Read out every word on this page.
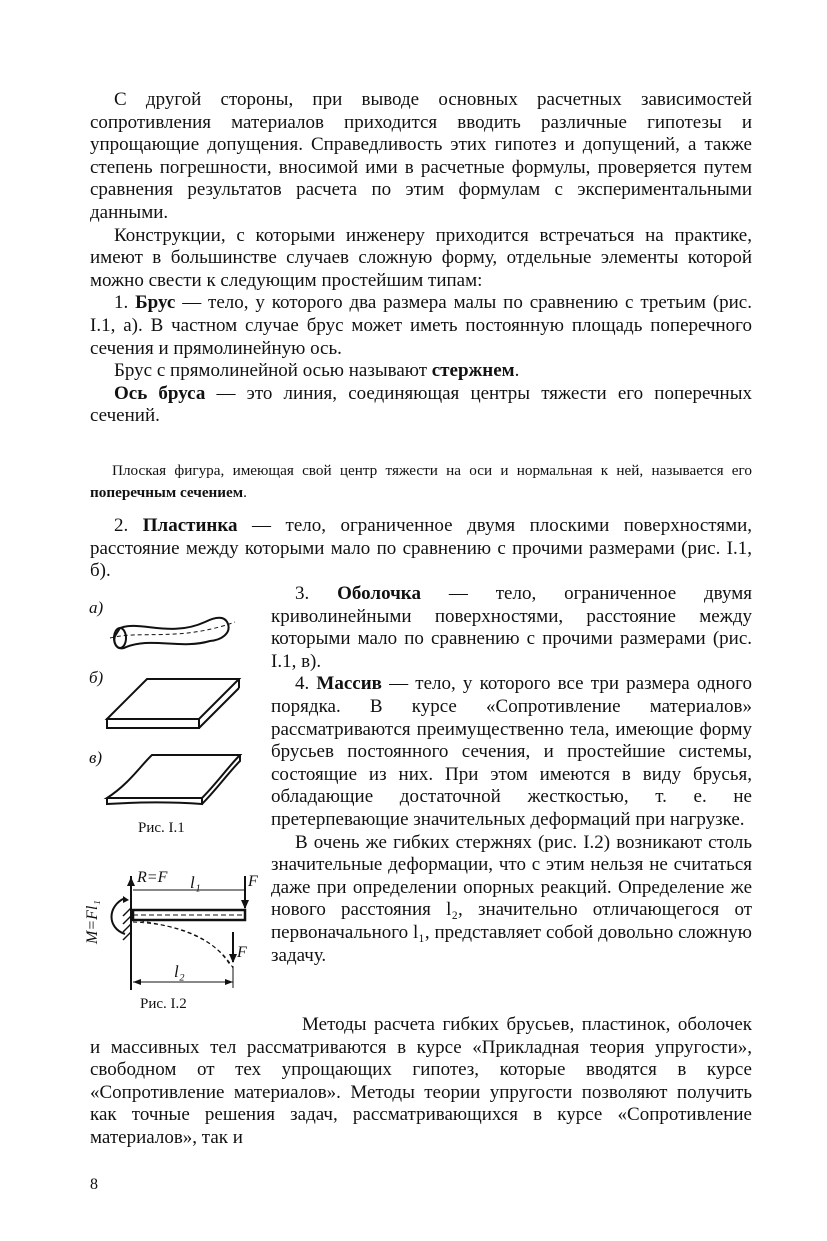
С другой стороны, при выводе основных расчетных зависимостей сопротивления материалов приходится вводить различные гипотезы и упрощающие допущения. Справедливость этих гипотез и допущений, а также степень погрешности, вносимой ими в расчетные формулы, проверяется путем сравнения результатов расчета по этим формулам с экспериментальными данными.

Конструкции, с которыми инженеру приходится встречаться на практике, имеют в большинстве случаев сложную форму, отдельные элементы которой можно свести к следующим простейшим типам:

1. Брус — тело, у которого два размера малы по сравнению с третьим (рис. I.1, а). В частном случае брус может иметь постоянную площадь поперечного сечения и прямолинейную ось.

Брус с прямолинейной осью называют стержнем.

Ось бруса — это линия, соединяющая центры тяжести его поперечных сечений.

Плоская фигура, имеющая свой центр тяжести на оси и нормальная к ней, называется его поперечным сечением.

2. Пластинка — тело, ограниченное двумя плоскими поверхностями, расстояние между которыми мало по сравнению с прочими размерами (рис. I.1, б).

3. Оболочка — тело, ограниченное двумя криволинейными поверхностями, расстояние между которыми мало по сравнению с прочими размерами (рис. I.1, в).

4. Массив — тело, у которого все три размера одного порядка. В курсе «Сопротивление материалов» рассматриваются преимущественно тела, имеющие форму брусьев постоянного сечения, и простейшие системы, состоящие из них. При этом имеются в виду брусья, обладающие достаточной жесткостью, т. е. не претерпевающие значительных деформаций при нагрузке.

В очень же гибких стержнях (рис. I.2) возникают столь значительные деформации, что с этим нельзя не считаться даже при определении опорных реакций. Определение же нового расстояния l₂, значительно отличающегося от первоначального l₁, представляет собой довольно сложную задачу.

Методы расчета гибких брусьев, пластинок, оболочек и массивных тел рассматриваются в курсе «Прикладная теория упругости», свободном от тех упрощающих гипотез, которые вводятся в курсе «Сопротивление материалов». Методы теории упругости позволяют получить как точные решения задач, рассматривающихся в курсе «Сопротивление материалов», так и

а)
б)
в)
Рис. I.1
R=F l₁	F
F
l₂
M=Fl₁
Рис. I.2
8
